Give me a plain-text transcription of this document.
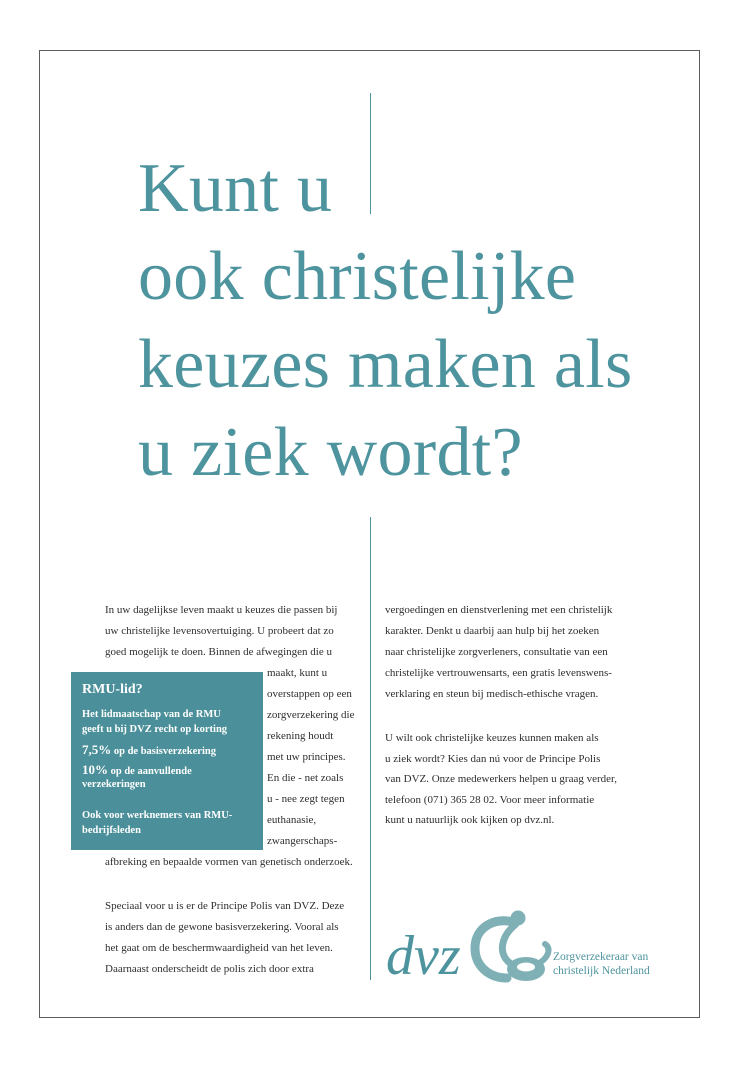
Kunt u
ook christelijke
keuzes maken als
u ziek wordt?
In uw dagelijkse leven maakt u keuzes die passen bij
uw christelijke levensovertuiging. U probeert dat zo
goed mogelijk te doen. Binnen de afwegingen die u
maakt, kunt u
overstappen op een
zorgverzekering die
rekening houdt
met uw principes.
En die - net zoals
u - nee zegt tegen
euthanasie,
zwangerschaps-
afbreking en bepaalde vormen van genetisch onderzoek.
Speciaal voor u is er de Principe Polis van DVZ. Deze
is anders dan de gewone basisverzekering. Vooral als
het gaat om de beschermwaardigheid van het leven.
Daarnaast onderscheidt de polis zich door extra
RMU-lid?
Het lidmaatschap van de RMU
geeft u bij DVZ recht op korting
7,5% op de basisverzekering
10% op de aanvullende
verzekeringen
Ook voor werknemers van RMU-
bedrijfsleden
vergoedingen en dienstverlening met een christelijk
karakter. Denkt u daarbij aan hulp bij het zoeken
naar christelijke zorgverleners, consultatie van een
christelijke vertrouwensarts, een gratis levenswens-
verklaring en steun bij medisch-ethische vragen.
U wilt ook christelijke keuzes kunnen maken als
u ziek wordt? Kies dan nú voor de Principe Polis
van DVZ. Onze medewerkers helpen u graag verder,
telefoon (071) 365 28 02. Voor meer informatie
kunt u natuurlijk ook kijken op dvz.nl.
dvz	Zorgverzekeraar van
christelijk Nederland
